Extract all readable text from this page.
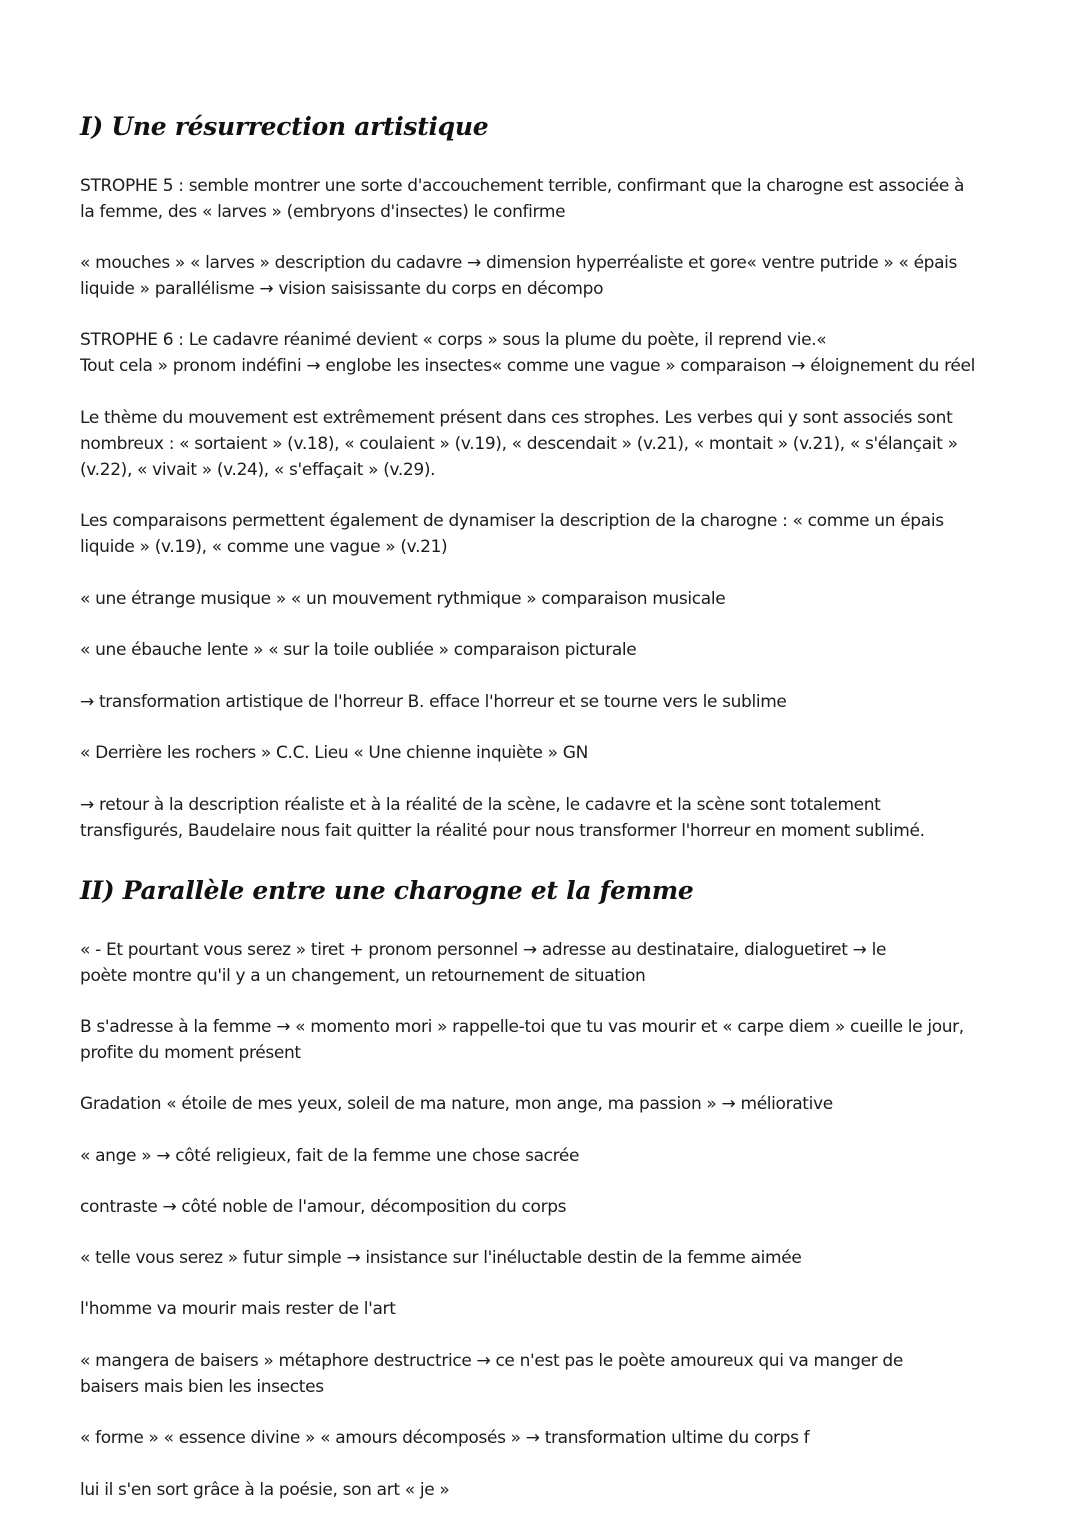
I) Une résurrection artistique

STROPHE 5 : semble montrer une sorte d'accouchement terrible, confirmant que la charogne est associée à
la femme, des « larves » (embryons d'insectes) le confirme

« mouches » « larves » description du cadavre → dimension hyperréaliste et gore« ventre putride » « épais
liquide » parallélisme → vision saisissante du corps en décompo

STROPHE 6 : Le cadavre réanimé devient « corps » sous la plume du poète, il reprend vie.«
Tout cela » pronom indéfini → englobe les insectes« comme une vague » comparaison → éloignement du réel

Le thème du mouvement est extrêmement présent dans ces strophes. Les verbes qui y sont associés sont
nombreux : « sortaient » (v.18), « coulaient » (v.19), « descendait » (v.21), « montait » (v.21), « s'élançait »
(v.22), « vivait » (v.24), « s'effaçait » (v.29).

Les comparaisons permettent également de dynamiser la description de la charogne : « comme un épais
liquide » (v.19), « comme une vague » (v.21)

« une étrange musique » « un mouvement rythmique » comparaison musicale

« une ébauche lente » « sur la toile oubliée » comparaison picturale

→ transformation artistique de l'horreur B. efface l'horreur et se tourne vers le sublime

« Derrière les rochers » C.C. Lieu « Une chienne inquiète » GN

→ retour à la description réaliste et à la réalité de la scène, le cadavre et la scène sont totalement
transfigurés, Baudelaire nous fait quitter la réalité pour nous transformer l'horreur en moment sublimé.

II) Parallèle entre une charogne et la femme

« - Et pourtant vous serez » tiret + pronom personnel → adresse au destinataire, dialoguetiret → le
poète montre qu'il y a un changement, un retournement de situation

B s'adresse à la femme → « momento mori » rappelle-toi que tu vas mourir et « carpe diem » cueille le jour,
profite du moment présent

Gradation « étoile de mes yeux, soleil de ma nature, mon ange, ma passion » → méliorative

« ange » → côté religieux, fait de la femme une chose sacrée

contraste → côté noble de l'amour, décomposition du corps

« telle vous serez » futur simple → insistance sur l'inéluctable destin de la femme aimée

l'homme va mourir mais rester de l'art

« mangera de baisers » métaphore destructrice → ce n'est pas le poète amoureux qui va manger de
baisers mais bien les insectes

« forme » « essence divine » « amours décomposés » → transformation ultime du corps f

lui il s'en sort grâce à la poésie, son art « je »
